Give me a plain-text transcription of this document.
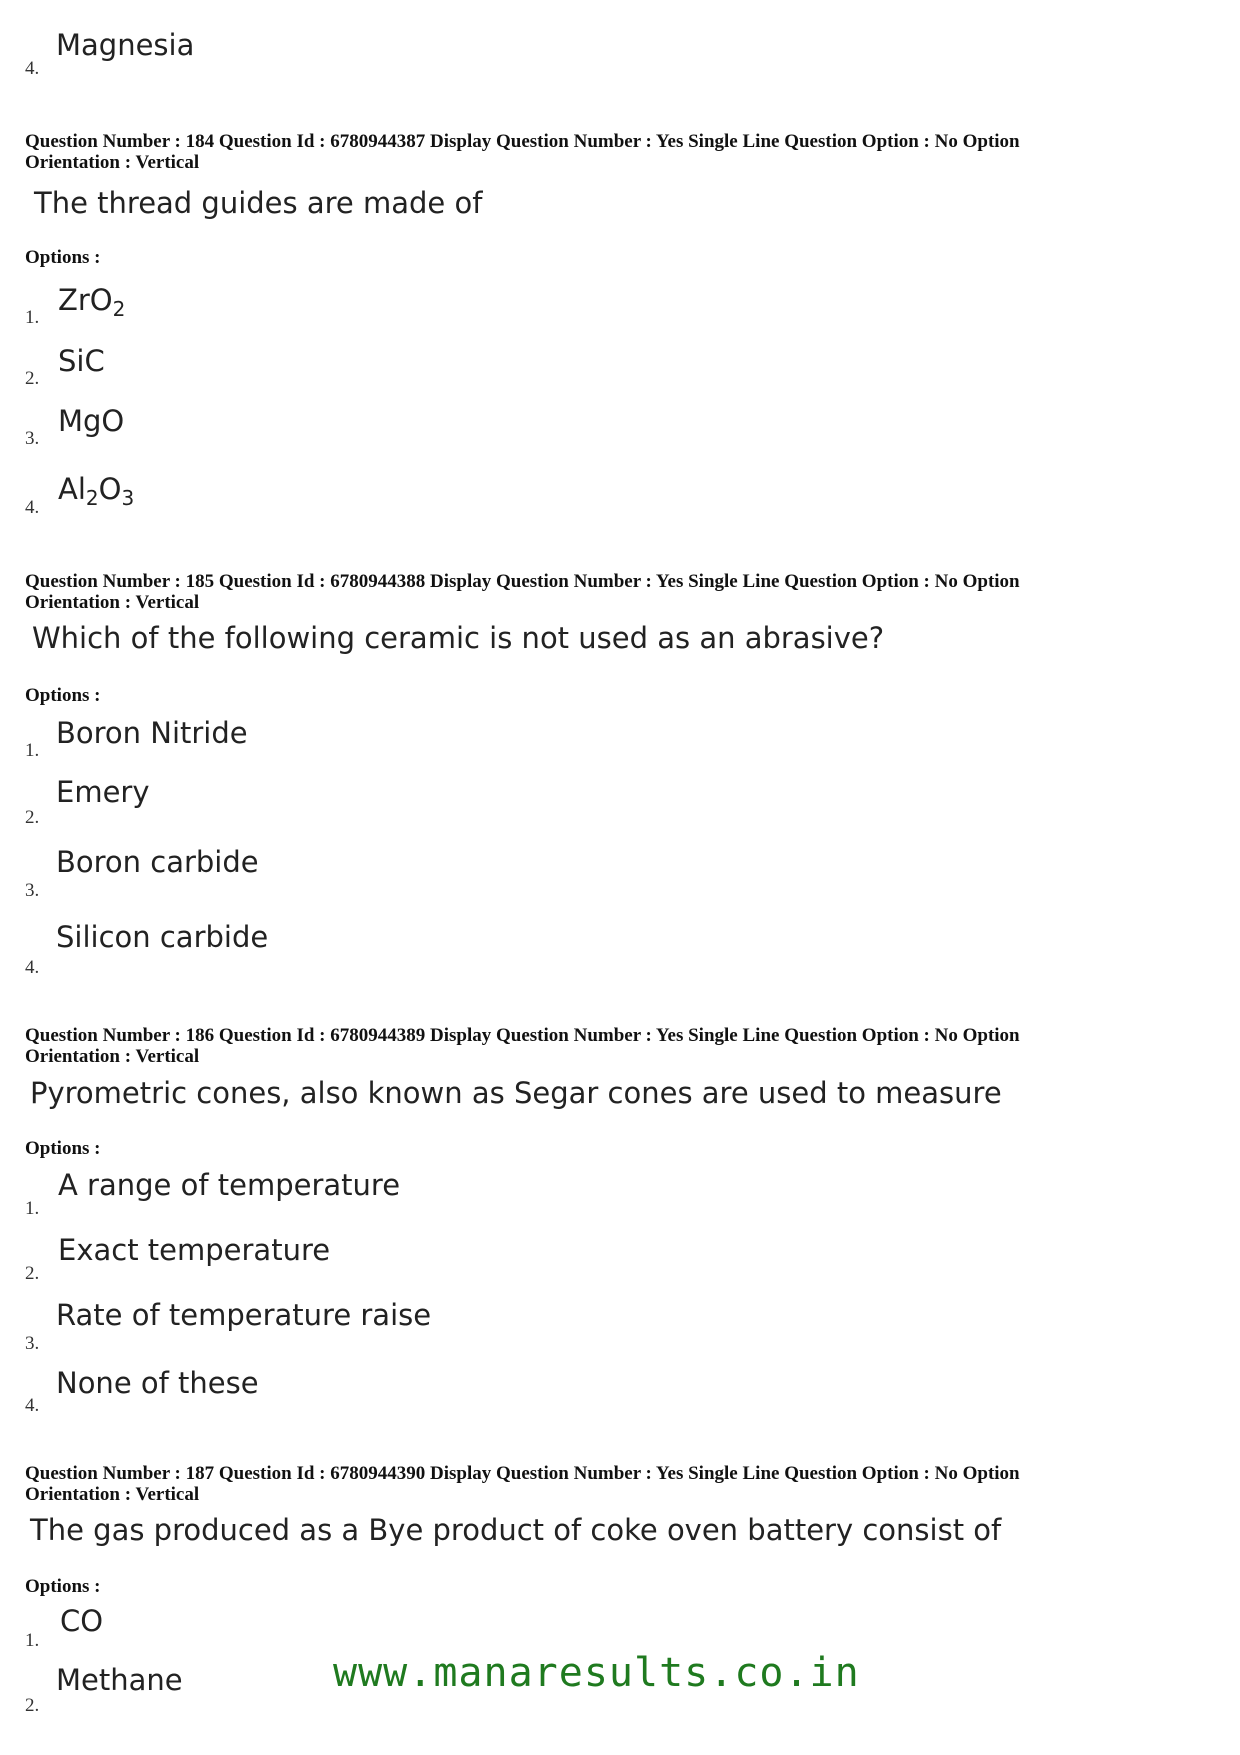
Magnesia
4.
Question Number : 184 Question Id : 6780944387 Display Question Number : Yes Single Line Question Option : No Option
Orientation : Vertical
The thread guides are made of
Options :
1.
ZrO$_2$
2.
SiC
3.
MgO
4.
$Al_2O_3$
Question Number : 185 Question Id : 6780944388 Display Question Number : Yes Single Line Question Option : No Option
Orientation : Vertical
Which of the following ceramic is not used as an abrasive?
Options :
1.
Boron Nitride
2.
Emery
3.
Boron carbide
4.
Silicon carbide
Question Number : 186 Question Id : 6780944389 Display Question Number : Yes Single Line Question Option : No Option
Orientation : Vertical
Pyrometric cones, also known as Segar cones are used to measure
Options :
1.
A range of temperature
2.
Exact temperature
3.
Rate of temperature raise
4.
None of these
Question Number : 187 Question Id : 6780944390 Display Question Number : Yes Single Line Question Option : No Option
Orientation : Vertical
The gas produced as a Bye product of coke oven battery consist of
Options :
1.
CO
2.
Methane	www.manaresults.co.in
